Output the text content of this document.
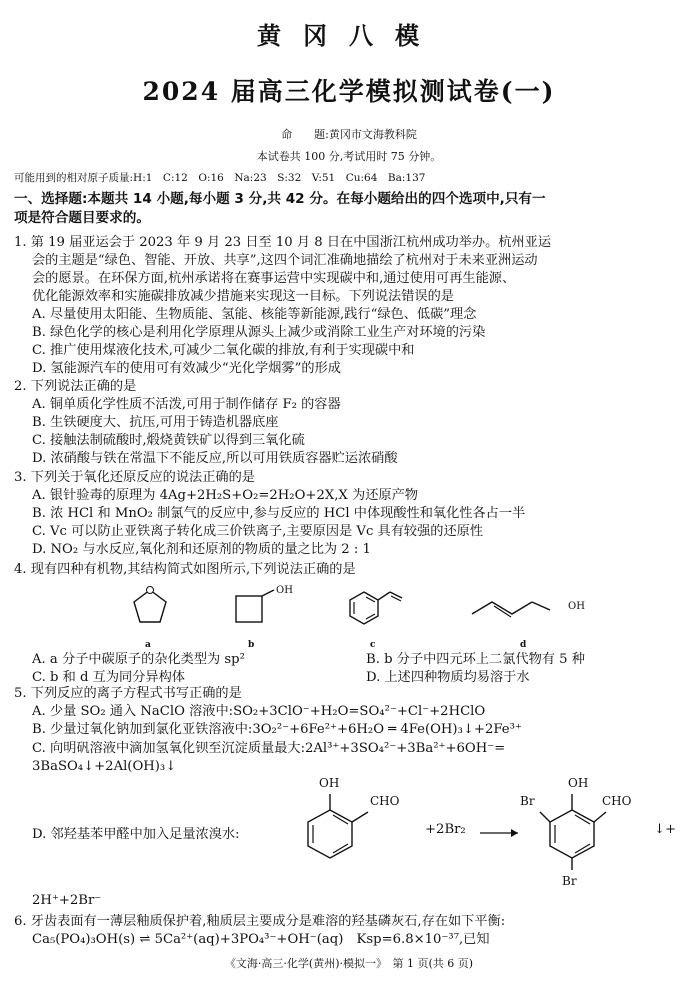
黄冈八模
2024 届高三化学模拟测试卷(一)
命　　题:黄冈市文海教科院
本试卷共 100 分,考试用时 75 分钟。
可能用到的相对原子质量:H:1　C:12　O:16　Na:23　S:32　V:51　Cu:64　Ba:137
一、选择题:本题共 14 小题,每小题 3 分,共 42 分。在每小题给出的四个选项中,只有一
项是符合题目要求的。
1. 第 19 届亚运会于 2023 年 9 月 23 日至 10 月 8 日在中国浙江杭州成功举办。杭州亚运
会的主题是“绿色、智能、开放、共享”,这四个词汇准确地描绘了杭州对于未来亚洲运动
会的愿景。在环保方面,杭州承诺将在赛事运营中实现碳中和,通过使用可再生能源、
优化能源效率和实施碳排放减少措施来实现这一目标。下列说法错误的是
A. 尽量使用太阳能、生物质能、氢能、核能等新能源,践行“绿色、低碳”理念
B. 绿色化学的核心是利用化学原理从源头上减少或消除工业生产对环境的污染
C. 推广使用煤液化技术,可减少二氧化碳的排放,有利于实现碳中和
D. 氢能源汽车的使用可有效减少“光化学烟雾”的形成
2. 下列说法正确的是
A. 铜单质化学性质不活泼,可用于制作储存 F₂ 的容器
B. 生铁硬度大、抗压,可用于铸造机器底座
C. 接触法制硫酸时,煅烧黄铁矿以得到三氧化硫
D. 浓硝酸与铁在常温下不能反应,所以可用铁质容器贮运浓硝酸
3. 下列关于氧化还原反应的说法正确的是
A. 银针验毒的原理为 4Ag+2H₂S+O₂=2H₂O+2X,X 为还原产物
B. 浓 HCl 和 MnO₂ 制氯气的反应中,参与反应的 HCl 中体现酸性和氧化性各占一半
C. Vc 可以防止亚铁离子转化成三价铁离子,主要原因是 Vc 具有较强的还原性
D. NO₂ 与水反应,氧化剂和还原剂的物质的量之比为 2 : 1
4. 现有四种有机物,其结构简式如图所示,下列说法正确的是
a
OH
b	c
OH
d
A. a 分子中碳原子的杂化类型为 sp²	B. b 分子中四元环上二氯代物有 5 种
C. b 和 d 互为同分异构体	D. 上述四种物质均易溶于水
5. 下列反应的离子方程式书写正确的是
A. 少量 SO₂ 通入 NaClO 溶液中:SO₂+3ClO⁻+H₂O=SO₄²⁻+Cl⁻+2HClO
B. 少量过氧化钠加到氯化亚铁溶液中:3O₂²⁻+6Fe²⁺+6H₂O ═ 4Fe(OH)₃↓+2Fe³⁺
C. 向明矾溶液中滴加氢氧化钡至沉淀质量最大:2Al³⁺+3SO₄²⁻+3Ba²⁺+6OH⁻=
3BaSO₄↓+2Al(OH)₃↓
OH
CHO
D. 邻羟基苯甲醛中加入足量浓溴水:	+2Br₂ →
OH
Br	CHO
Br
↓+
2H⁺+2Br⁻
6. 牙齿表面有一薄层釉质保护着,釉质层主要成分是难溶的羟基磷灰石,存在如下平衡:
Ca₅(PO₄)₃OH(s) ⇌ 5Ca²⁺(aq)+3PO₄³⁻+OH⁻(aq)　Ksp=6.8×10⁻³⁷,已知
《文海·高三·化学(黄州)·模拟一》　第 1 页(共 6 页)
